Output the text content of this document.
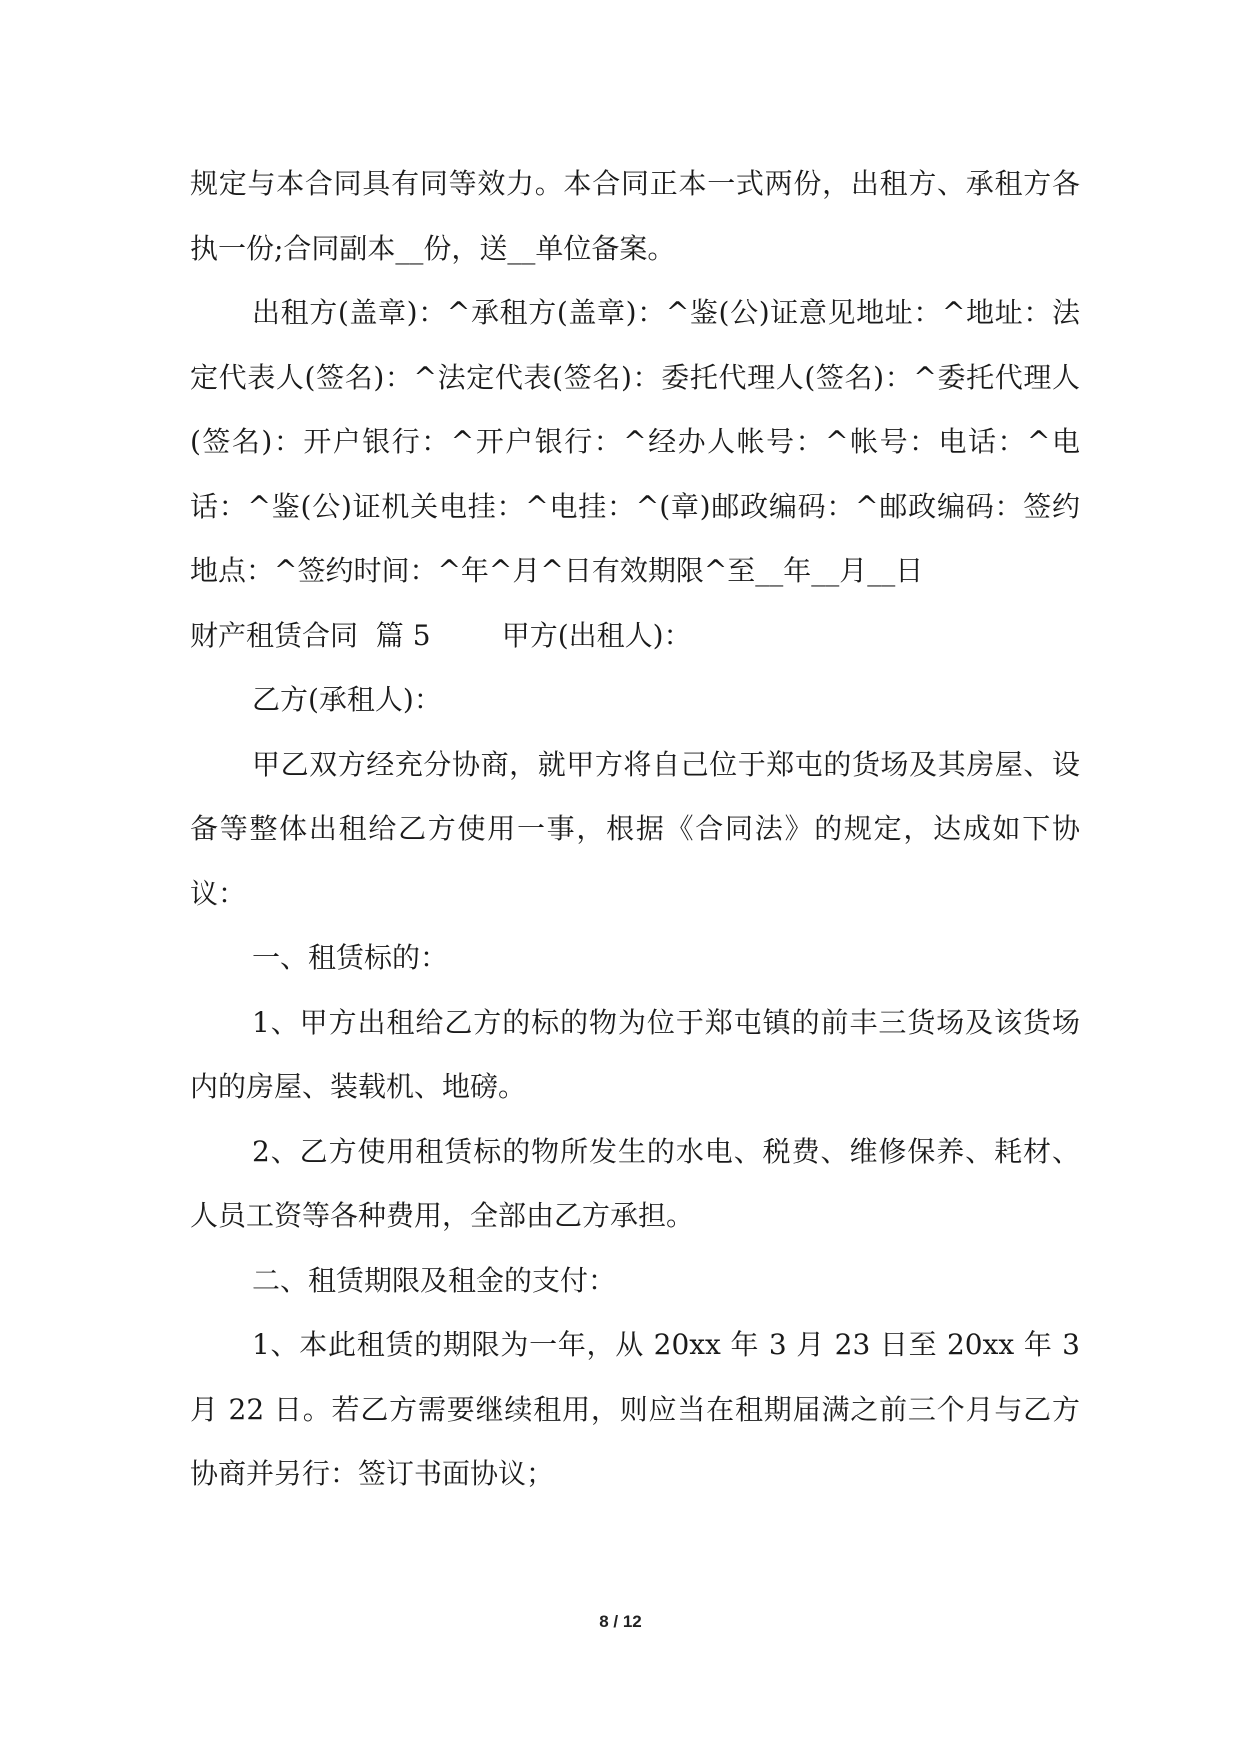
规定与本合同具有同等效力。本合同正本一式两份，出租方、承租方各执一份;合同副本__份，送__单位备案。

出租方(盖章)：^承租方(盖章)：^鉴(公)证意见地址：^地址：法定代表人(签名)：^法定代表(签名)：委托代理人(签名)：^委托代理人(签名)：开户银行：^开户银行：^经办人帐号：^帐号：电话：^电话：^鉴(公)证机关电挂：^电挂：^(章)邮政编码：^邮政编码：签约地点：^签约时间：^年^月^日有效期限^至__年__月__日

财产租赁合同  篇 5        甲方(出租人)：

乙方(承租人)：

甲乙双方经充分协商，就甲方将自己位于郑屯的货场及其房屋、设备等整体出租给乙方使用一事，根据《合同法》的规定，达成如下协议：

一、租赁标的：

1、甲方出租给乙方的标的物为位于郑屯镇的前丰三货场及该货场内的房屋、装载机、地磅。

2、乙方使用租赁标的物所发生的水电、税费、维修保养、耗材、人员工资等各种费用，全部由乙方承担。

二、租赁期限及租金的支付：

1、本此租赁的期限为一年，从 20xx 年 3 月 23 日至 20xx 年 3 月 22 日。若乙方需要继续租用，则应当在租期届满之前三个月与乙方协商并另行：签订书面协议；

8 / 12
